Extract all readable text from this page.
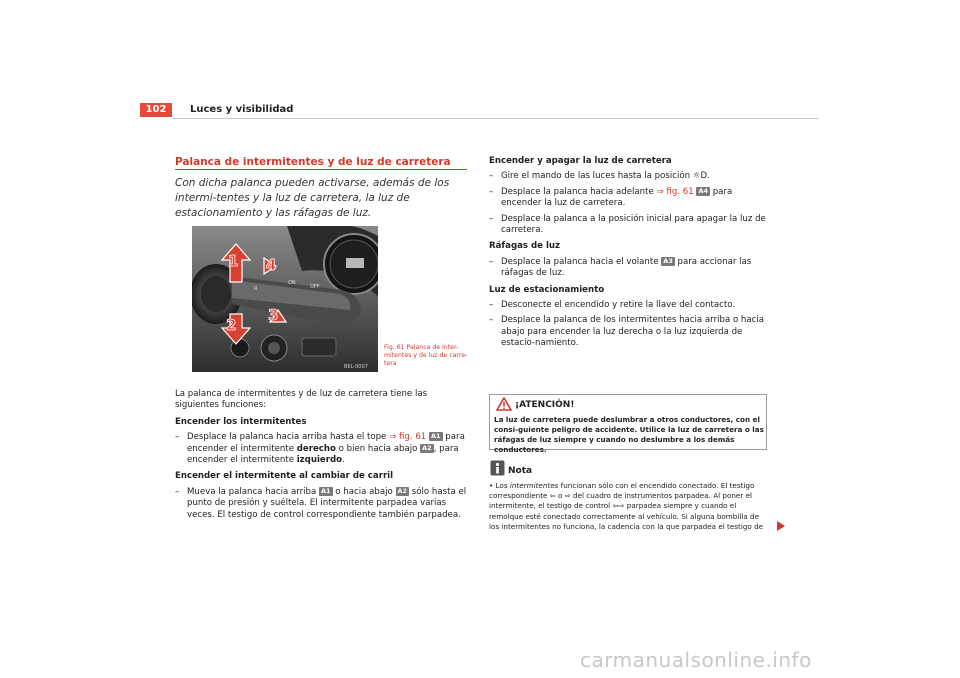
102	Luces y visibilidad
Palanca de intermitentes y de luz de carretera
Con dicha palanca pueden activarse, además de los intermi-tentes y la luz de carretera, la luz de estacionamiento y las ráfagas de luz.
R
ON
OFF
B6L-0007
1
2
3
4
Fig. 61 Palanca de inter-mitentes y de luz de carre-tera
La palanca de intermitentes y de luz de carretera tiene las siguientes funciones:
Encender los intermitentes
– Desplace la palanca hacia arriba hasta el tope ⇒ fig. 61 A1 para encender el intermitente derecho o bien hacia abajo A2 , para encender el intermitente izquierdo.
Encender el intermitente al cambiar de carril
– Mueva la palanca hacia arriba A1 o hacia abajo A2 sólo hasta el punto de presión y suéltela. El intermitente parpadea varias veces. El testigo de control correspondiente también parpadea.
Encender y apagar la luz de carretera
– Gire el mando de las luces hasta la posición ☼D.
– Desplace la palanca hacia adelante ⇒ fig. 61 A4 para encender la luz de carretera.
– Desplace la palanca a la posición inicial para apagar la luz de carretera.
Ráfagas de luz
– Desplace la palanca hacia el volante A3 para accionar las ráfagas de luz.
Luz de estacionamiento
– Desconecte el encendido y retire la llave del contacto.
– Desplace la palanca de los intermitentes hacia arriba o hacia abajo para encender la luz derecha o la luz izquierda de estacio-namiento.
¡ATENCIÓN!
La luz de carretera puede deslumbrar a otros conductores, con el consi-guiente peligro de accidente. Utilice la luz de carretera o las ráfagas de luz siempre y cuando no deslumbre a los demás conductores.
Nota
• Los intermitentes funcionan sólo con el encendido conectado. El testigo correspondiente ⇦ o ⇨ del cuadro de instrumentos parpadea. Al poner el intermitente, el testigo de control ⇦⇨ parpadea siempre y cuando el remolque esté conectado correctamente al vehículo. Si alguna bombilla de los intermitentes no funciona, la cadencia con la que parpadea el testigo de
carmanualsonline.info
